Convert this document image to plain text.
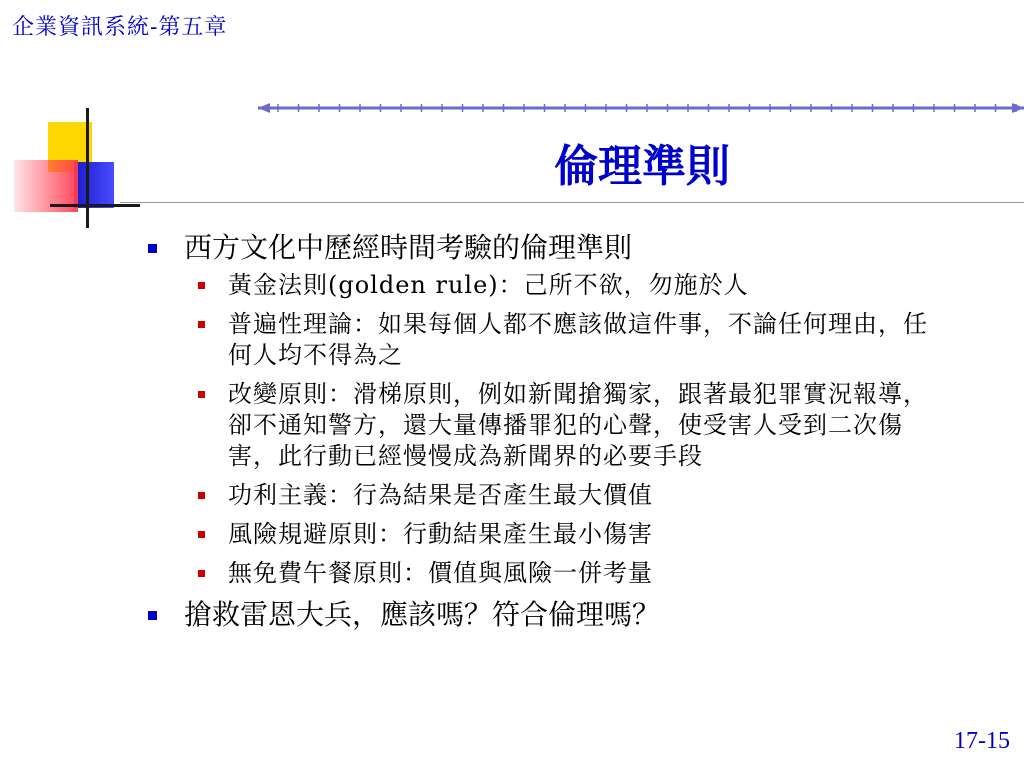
企業資訊系統-第五章
倫理準則
西方文化中歷經時間考驗的倫理準則
黃金法則(golden rule)：己所不欲，勿施於人
普遍性理論：如果每個人都不應該做這件事，不論任何理由，任何人均不得為之
改變原則：滑梯原則，例如新聞搶獨家，跟著最犯罪實況報導，卻不通知警方，還大量傳播罪犯的心聲，使受害人受到二次傷害，此行動已經慢慢成為新聞界的必要手段
功利主義：行為結果是否產生最大價值
風險規避原則：行動結果產生最小傷害
無免費午餐原則：價值與風險一併考量
搶救雷恩大兵，應該嗎？符合倫理嗎？
17-15
